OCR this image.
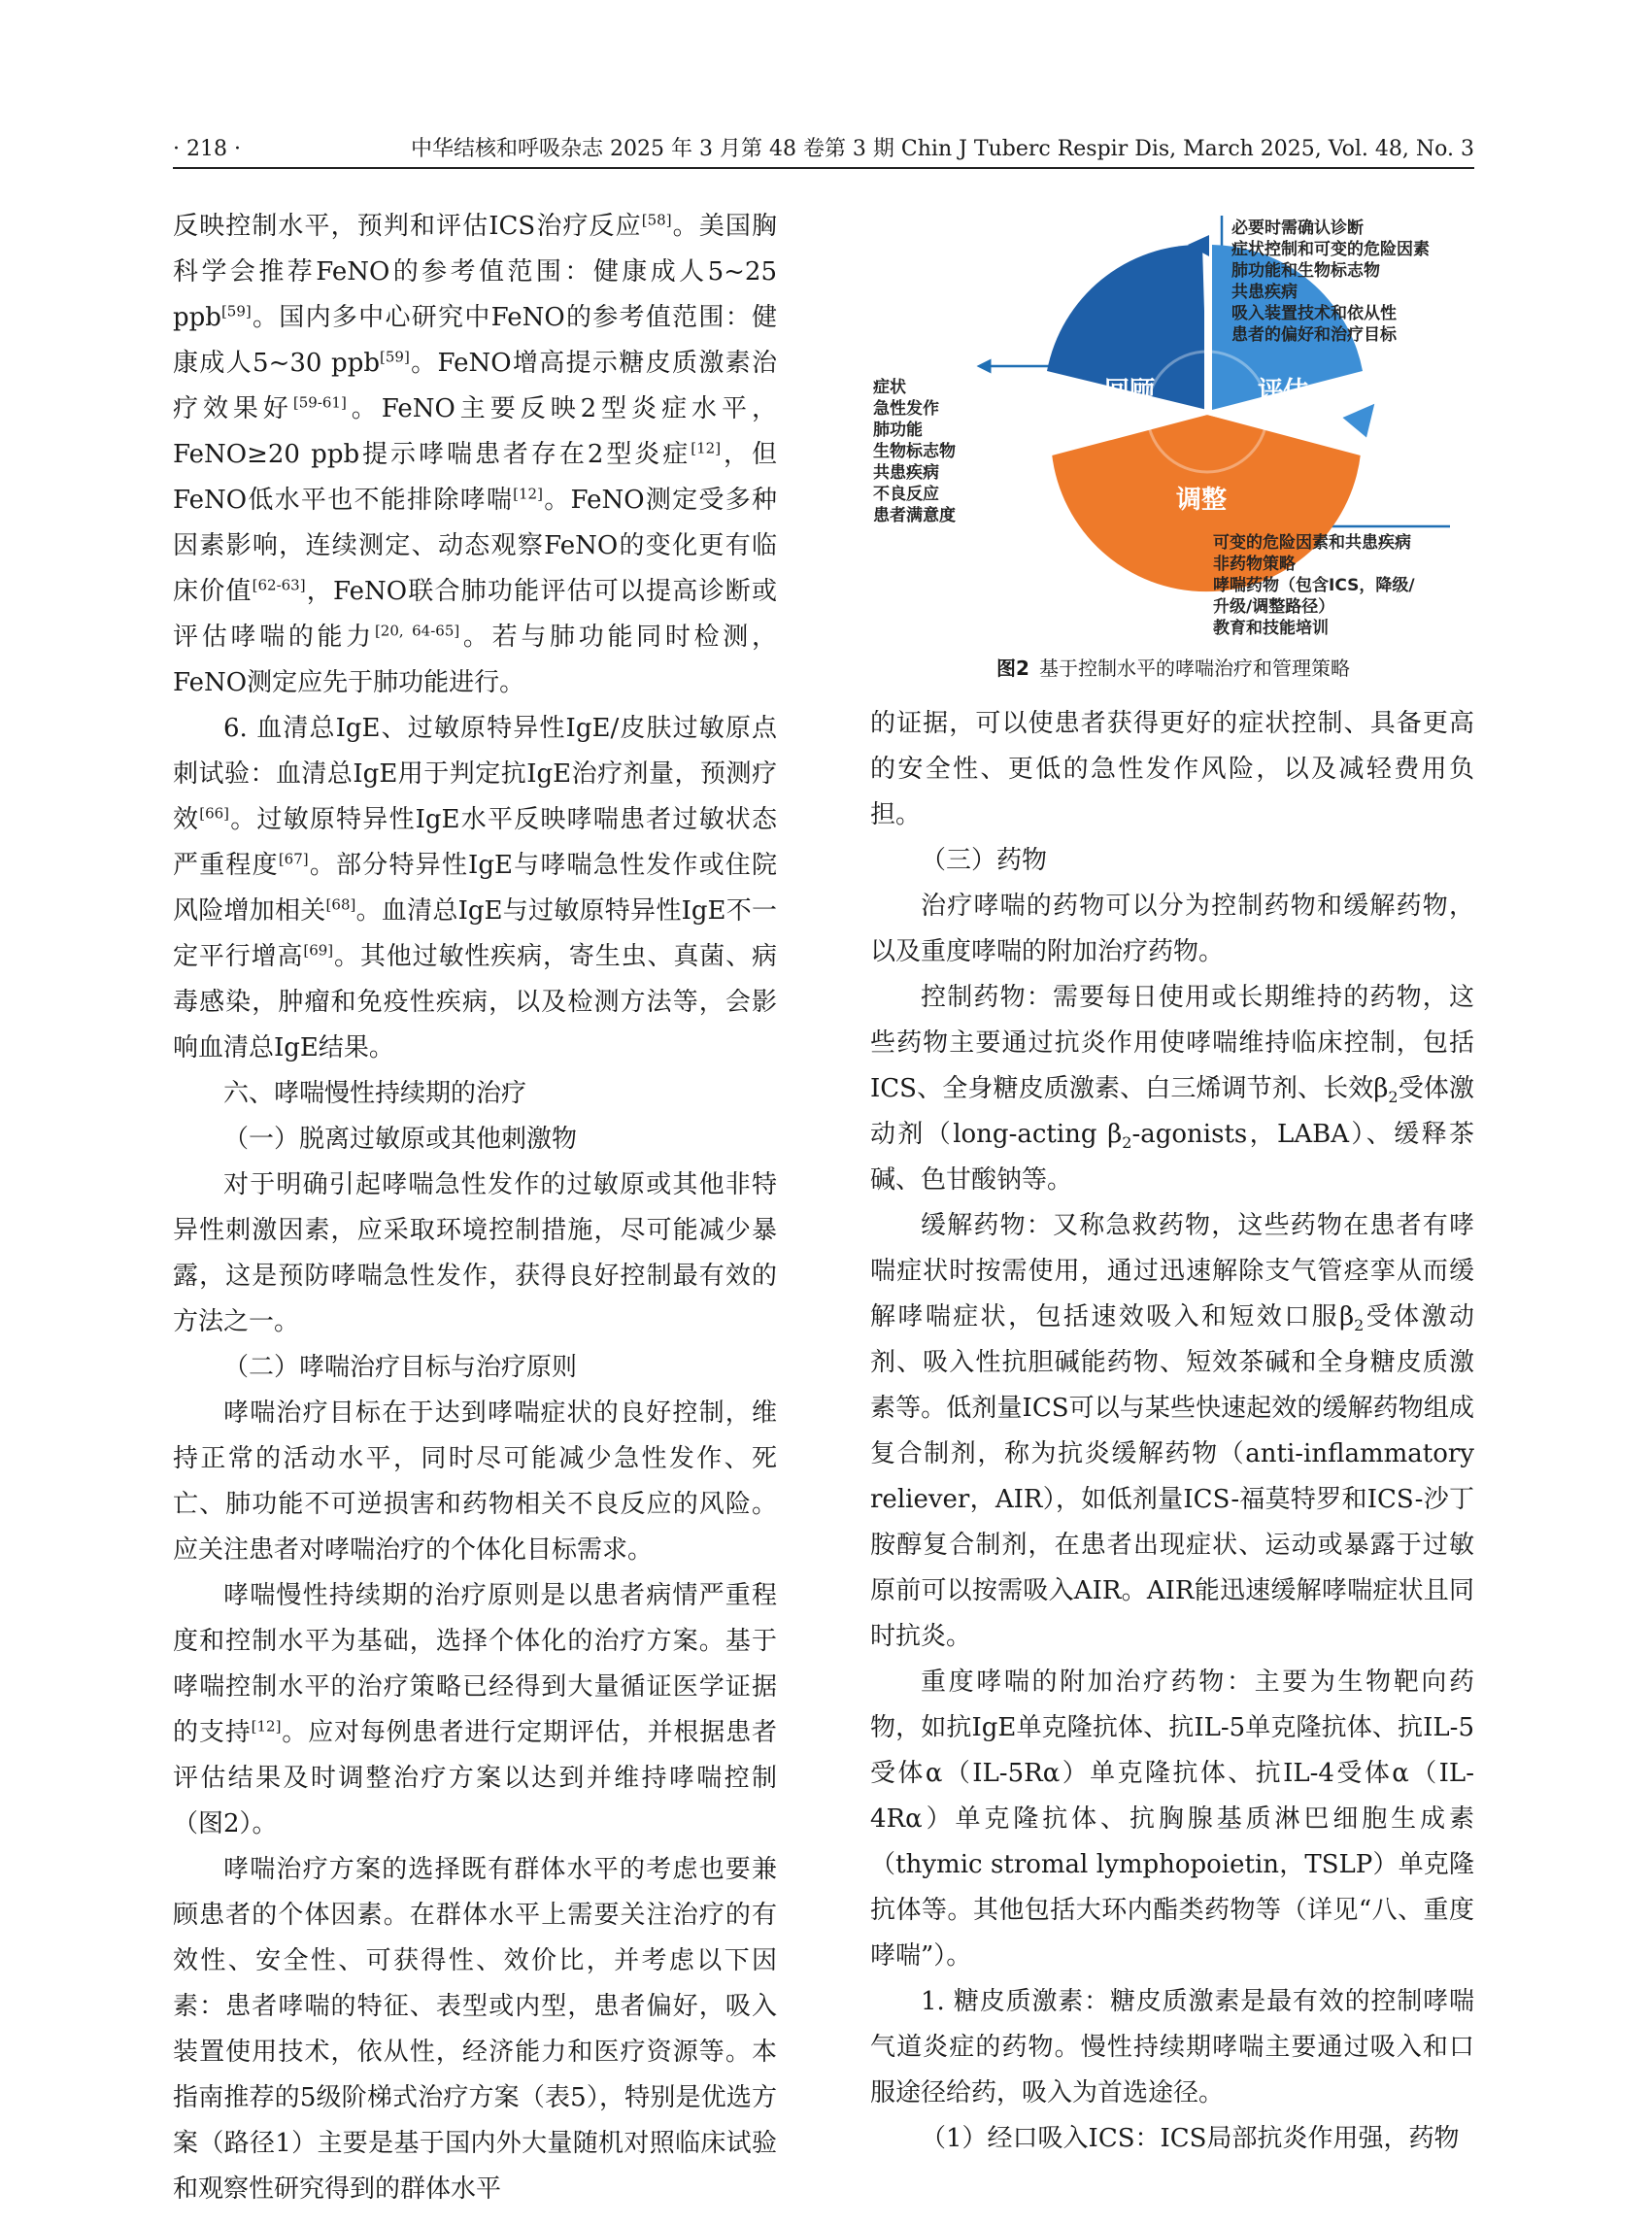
· 218 ·	中华结核和呼吸杂志 2025 年 3 月第 48 卷第 3 期 Chin J Tuberc Respir Dis, March 2025, Vol. 48, No. 3

反映控制水平，预判和评估ICS治疗反应[58]。美国胸科学会推荐FeNO的参考值范围：健康成人5~25 ppb[59]。国内多中心研究中FeNO的参考值范围：健康成人5~30 ppb[59]。FeNO增高提示糖皮质激素治疗效果好[59-61]。FeNO主要反映2型炎症水平，FeNO≥20 ppb提示哮喘患者存在2型炎症[12]，但FeNO低水平也不能排除哮喘[12]。FeNO测定受多种因素影响，连续测定、动态观察FeNO的变化更有临床价值[62-63]，FeNO联合肺功能评估可以提高诊断或评估哮喘的能力[20, 64-65]。若与肺功能同时检测，FeNO测定应先于肺功能进行。

6. 血清总IgE、过敏原特异性IgE/皮肤过敏原点刺试验：血清总IgE用于判定抗IgE治疗剂量，预测疗效[66]。过敏原特异性IgE水平反映哮喘患者过敏状态严重程度[67]。部分特异性IgE与哮喘急性发作或住院风险增加相关[68]。血清总IgE与过敏原特异性IgE不一定平行增高[69]。其他过敏性疾病，寄生虫、真菌、病毒感染，肿瘤和免疫性疾病，以及检测方法等，会影响血清总IgE结果。

六、哮喘慢性持续期的治疗

（一）脱离过敏原或其他刺激物

对于明确引起哮喘急性发作的过敏原或其他非特异性刺激因素，应采取环境控制措施，尽可能减少暴露，这是预防哮喘急性发作，获得良好控制最有效的方法之一。

（二）哮喘治疗目标与治疗原则

哮喘治疗目标在于达到哮喘症状的良好控制，维持正常的活动水平，同时尽可能减少急性发作、死亡、肺功能不可逆损害和药物相关不良反应的风险。应关注患者对哮喘治疗的个体化目标需求。

哮喘慢性持续期的治疗原则是以患者病情严重程度和控制水平为基础，选择个体化的治疗方案。基于哮喘控制水平的治疗策略已经得到大量循证医学证据的支持[12]。应对每例患者进行定期评估，并根据患者评估结果及时调整治疗方案以达到并维持哮喘控制（图2）。

哮喘治疗方案的选择既有群体水平的考虑也要兼顾患者的个体因素。在群体水平上需要关注治疗的有效性、安全性、可获得性、效价比，并考虑以下因素：患者哮喘的特征、表型或内型，患者偏好，吸入装置使用技术，依从性，经济能力和医疗资源等。本指南推荐的5级阶梯式治疗方案（表5），特别是优选方案（路径1）主要是基于国内外大量随机对照临床试验和观察性研究得到的群体水平

回顾	评估
调整
必要时需确认诊断
症状控制和可变的危险因素
肺功能和生物标志物
共患疾病
吸入装置技术和依从性
患者的偏好和治疗目标
症状
急性发作
肺功能
生物标志物
共患疾病
不良反应
患者满意度
可变的危险因素和共患疾病
非药物策略
哮喘药物（包含ICS，降级/
升级/调整路径）
教育和技能培训
图2 基于控制水平的哮喘治疗和管理策略

的证据，可以使患者获得更好的症状控制、具备更高的安全性、更低的急性发作风险，以及减轻费用负担。

（三）药物

治疗哮喘的药物可以分为控制药物和缓解药物，以及重度哮喘的附加治疗药物。

控制药物：需要每日使用或长期维持的药物，这些药物主要通过抗炎作用使哮喘维持临床控制，包括ICS、全身糖皮质激素、白三烯调节剂、长效$\beta_2$受体激动剂（long-acting $\beta_2$-agonists，LABA）、缓释茶碱、色甘酸钠等。

缓解药物：又称急救药物，这些药物在患者有哮喘症状时按需使用，通过迅速解除支气管痉挛从而缓解哮喘症状，包括速效吸入和短效口服$\beta_2$受体激动剂、吸入性抗胆碱能药物、短效茶碱和全身糖皮质激素等。低剂量ICS可以与某些快速起效的缓解药物组成复合制剂，称为抗炎缓解药物（anti-inflammatory reliever，AIR），如低剂量ICS-福莫特罗和ICS-沙丁胺醇复合制剂，在患者出现症状、运动或暴露于过敏原前可以按需吸入AIR。AIR能迅速缓解哮喘症状且同时抗炎。

重度哮喘的附加治疗药物：主要为生物靶向药物，如抗IgE单克隆抗体、抗IL-5单克隆抗体、抗IL-5受体α（IL-5Rα）单克隆抗体、抗IL-4受体α（IL-4Rα）单克隆抗体、抗胸腺基质淋巴细胞生成素（thymic stromal lymphopoietin，TSLP）单克隆抗体等。其他包括大环内酯类药物等（详见“八、重度哮喘”）。

1. 糖皮质激素：糖皮质激素是最有效的控制哮喘气道炎症的药物。慢性持续期哮喘主要通过吸入和口服途径给药，吸入为首选途径。

（1）经口吸入ICS：ICS局部抗炎作用强，药物
